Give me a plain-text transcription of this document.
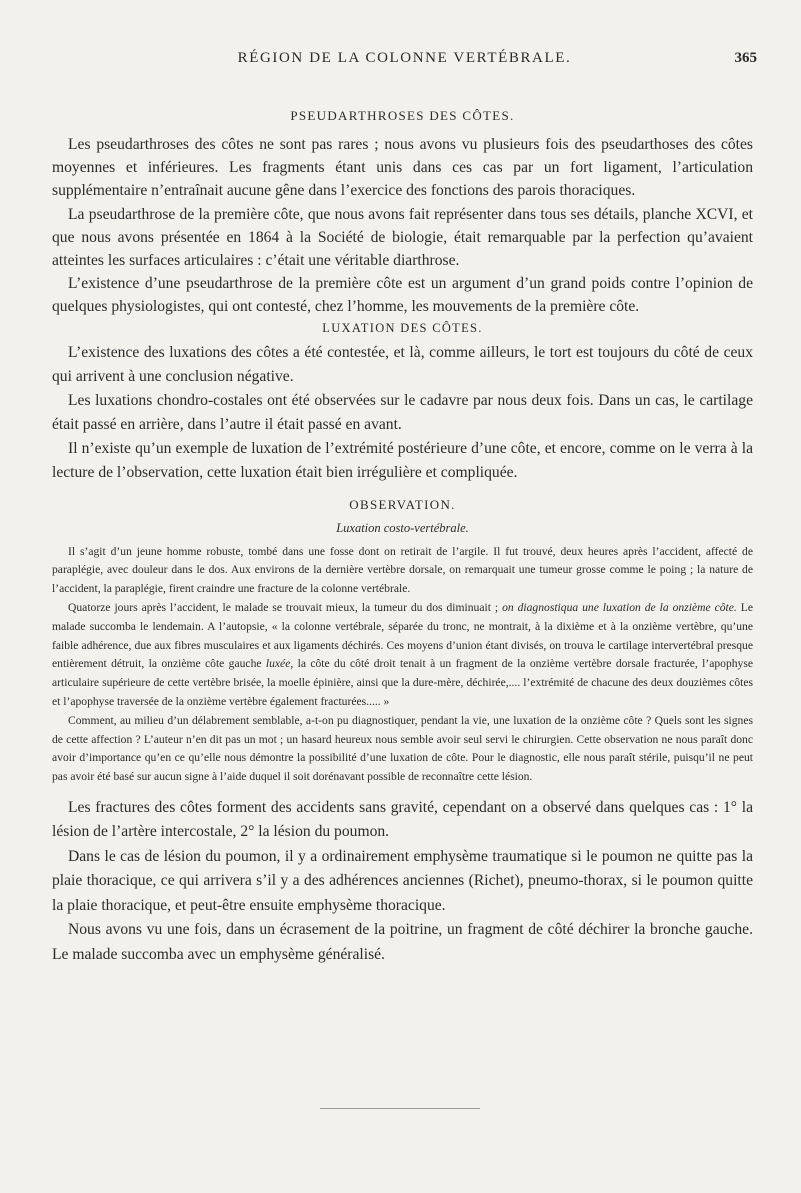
RÉGION DE LA COLONNE VERTÉBRALE.	365
PSEUDARTHROSES DES CÔTES.

Les pseudarthroses des côtes ne sont pas rares ; nous avons vu plusieurs fois des pseudarthoses des côtes moyennes et inférieures. Les fragments étant unis dans ces cas par un fort ligament, l’articulation supplémentaire n’entraînait aucune gêne dans l’exercice des fonctions des parois thoraciques.

La pseudarthrose de la première côte, que nous avons fait représenter dans tous ses détails, planche XCVI, et que nous avons présentée en 1864 à la Société de biologie, était remarquable par la perfection qu’avaient atteintes les surfaces articulaires : c’était une véritable diarthrose.

L’existence d’une pseudarthrose de la première côte est un argument d’un grand poids contre l’opinion de quelques physiologistes, qui ont contesté, chez l’homme, les mouvements de la première côte.

LUXATION DES CÔTES.

L’existence des luxations des côtes a été contestée, et là, comme ailleurs, le tort est toujours du côté de ceux qui arrivent à une conclusion négative.

Les luxations chondro-costales ont été observées sur le cadavre par nous deux fois. Dans un cas, le cartilage était passé en arrière, dans l’autre il était passé en avant.

Il n’existe qu’un exemple de luxation de l’extrémité postérieure d’une côte, et encore, comme on le verra à la lecture de l’observation, cette luxation était bien irrégulière et compliquée.

OBSERVATION.
Luxation costo-vertébrale.

Il s’agit d’un jeune homme robuste, tombé dans une fosse dont on retirait de l’argile. Il fut trouvé, deux heures après l’accident, affecté de paraplégie, avec douleur dans le dos. Aux environs de la dernière vertèbre dorsale, on remarquait une tumeur grosse comme le poing ; la nature de l’accident, la paraplégie, firent craindre une fracture de la colonne vertébrale.

Quatorze jours après l’accident, le malade se trouvait mieux, la tumeur du dos diminuait ; on diagnostiqua une luxation de la onzième côte. Le malade succomba le lendemain. A l’autopsie, « la colonne vertébrale, séparée du tronc, ne montrait, à la dixième et à la onzième vertèbre, qu’une faible adhérence, due aux fibres musculaires et aux ligaments déchirés. Ces moyens d’union étant divisés, on trouva le cartilage intervertébral presque entièrement détruit, la onzième côte gauche luxée, la côte du côté droit tenait à un fragment de la onzième vertèbre dorsale fracturée, l’apophyse articulaire supérieure de cette vertèbre brisée, la moelle épinière, ainsi que la dure-mère, déchirée,.... l’extrémité de chacune des deux douzièmes côtes et l’apophyse traversée de la onzième vertèbre également fracturées..... »

Comment, au milieu d’un délabrement semblable, a-t-on pu diagnostiquer, pendant la vie, une luxation de la onzième côte ? Quels sont les signes de cette affection ? L’auteur n’en dit pas un mot ; un hasard heureux nous semble avoir seul servi le chirurgien. Cette observation ne nous paraît donc avoir d’importance qu’en ce qu’elle nous démontre la possibilité d’une luxation de côte. Pour le diagnostic, elle nous paraît stérile, puisqu’il ne peut pas avoir été basé sur aucun signe à l’aide duquel il soit dorénavant possible de reconnaître cette lésion.

Les fractures des côtes forment des accidents sans gravité, cependant on a observé dans quelques cas : 1° la lésion de l’artère intercostale, 2° la lésion du poumon.

Dans le cas de lésion du poumon, il y a ordinairement emphysème traumatique si le poumon ne quitte pas la plaie thoracique, ce qui arrivera s’il y a des adhérences anciennes (Richet), pneumo-thorax, si le poumon quitte la plaie thoracique, et peut-être ensuite emphysème thoracique.

Nous avons vu une fois, dans un écrasement de la poitrine, un fragment de côté déchirer la bronche gauche. Le malade succomba avec un emphysème généralisé.
